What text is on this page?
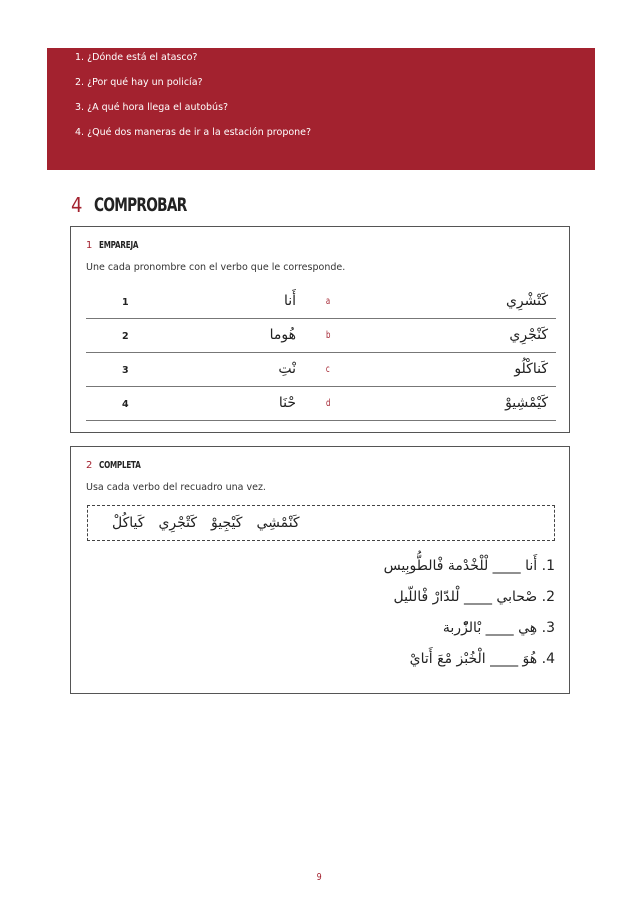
1. ¿Dónde está el atasco?
2. ¿Por qué hay un policía?
3. ¿A qué hora llega el autobús?
4. ¿Qué dos maneras de ir a la estación propone?
4 COMPROBAR
1 EMPAREJA
Une cada pronombre con el verbo que le corresponde.
1	أَنا	a	كَتْشْرِي
2	هُوما	b	كَنْجْرِي
3	نْتِ	c	كَناكْلُو
4	حْنَا	d	كَيْمْشِيوْ
2 COMPLETA
Usa cada verbo del recuadro una vez.
كَنْمْشِي
كَيْجِيوْ
كَتْجْرِي
كَياكُلْ
1. أَنا ____ لْلْخْدْمة فْالطُّوبِيس
2. صْحابي ____ لْلدّارْ فْاللّيل
3. هِي ____ بْالزّْربة
4. هُوَ ____ الْخُبْز مْعَ أَتايْ
9
